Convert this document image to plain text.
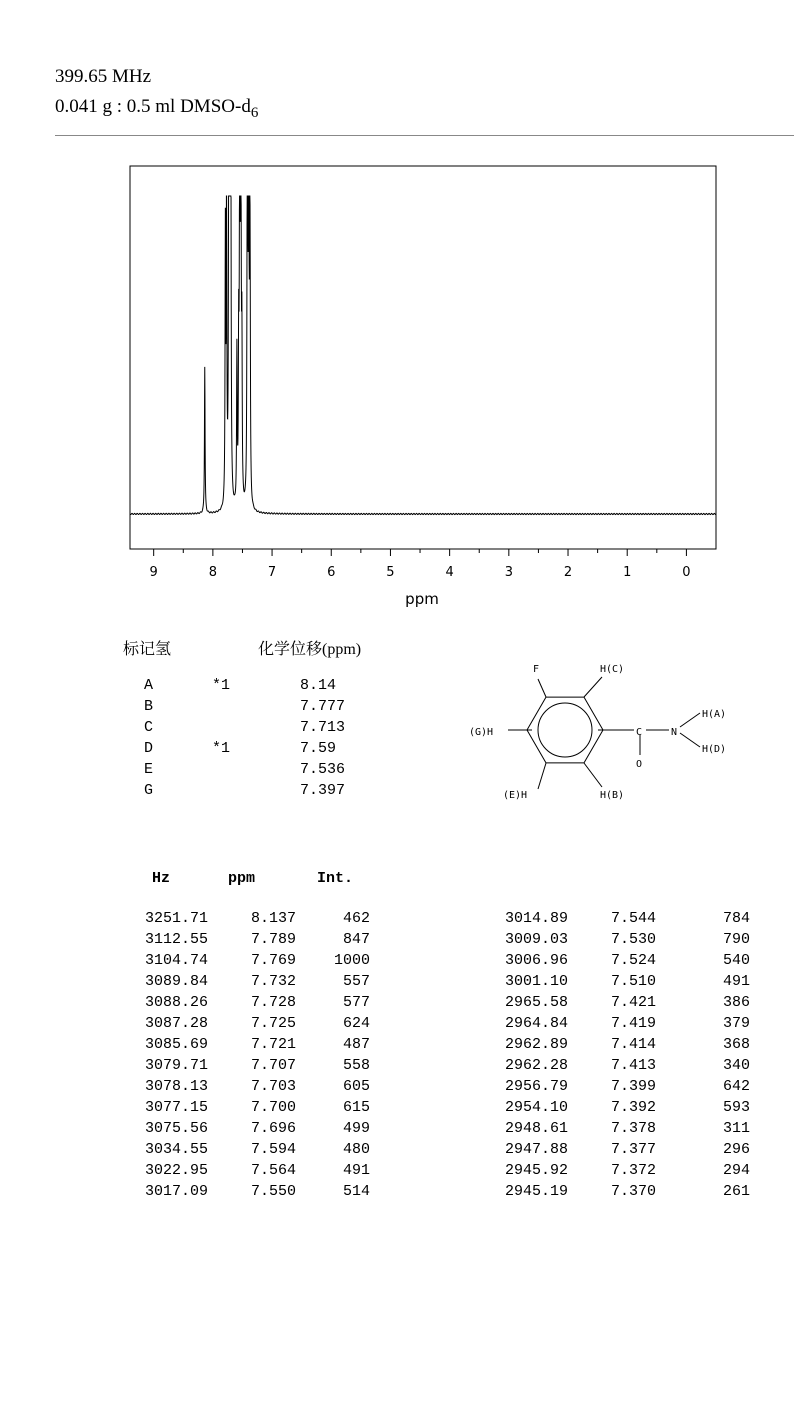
399.65 MHz
0.041 g : 0.5 ml DMSO-$d_6$
9	8	7	6	5	4	3	2	1	0
ppm
标记氢	化学位移(ppm)
A	*1	8.14
B	7.777
C	7.713
D	*1	7.59
E	7.536
G	7.397
F	H(C)
H(A)
H(D)
(G)H
(E)H	H(B)
C	N
O
Hz	ppm	Int.
3251.71	8.137	462
3112.55	7.789	847
3104.74	7.769	1000
3089.84	7.732	557
3088.26	7.728	577
3087.28	7.725	624
3085.69	7.721	487
3079.71	7.707	558
3078.13	7.703	605
3077.15	7.700	615
3075.56	7.696	499
3034.55	7.594	480
3022.95	7.564	491
3017.09	7.550	514
3014.89	7.544	784
3009.03	7.530	790
3006.96	7.524	540
3001.10	7.510	491
2965.58	7.421	386
2964.84	7.419	379
2962.89	7.414	368
2962.28	7.413	340
2956.79	7.399	642
2954.10	7.392	593
2948.61	7.378	311
2947.88	7.377	296
2945.92	7.372	294
2945.19	7.370	261
